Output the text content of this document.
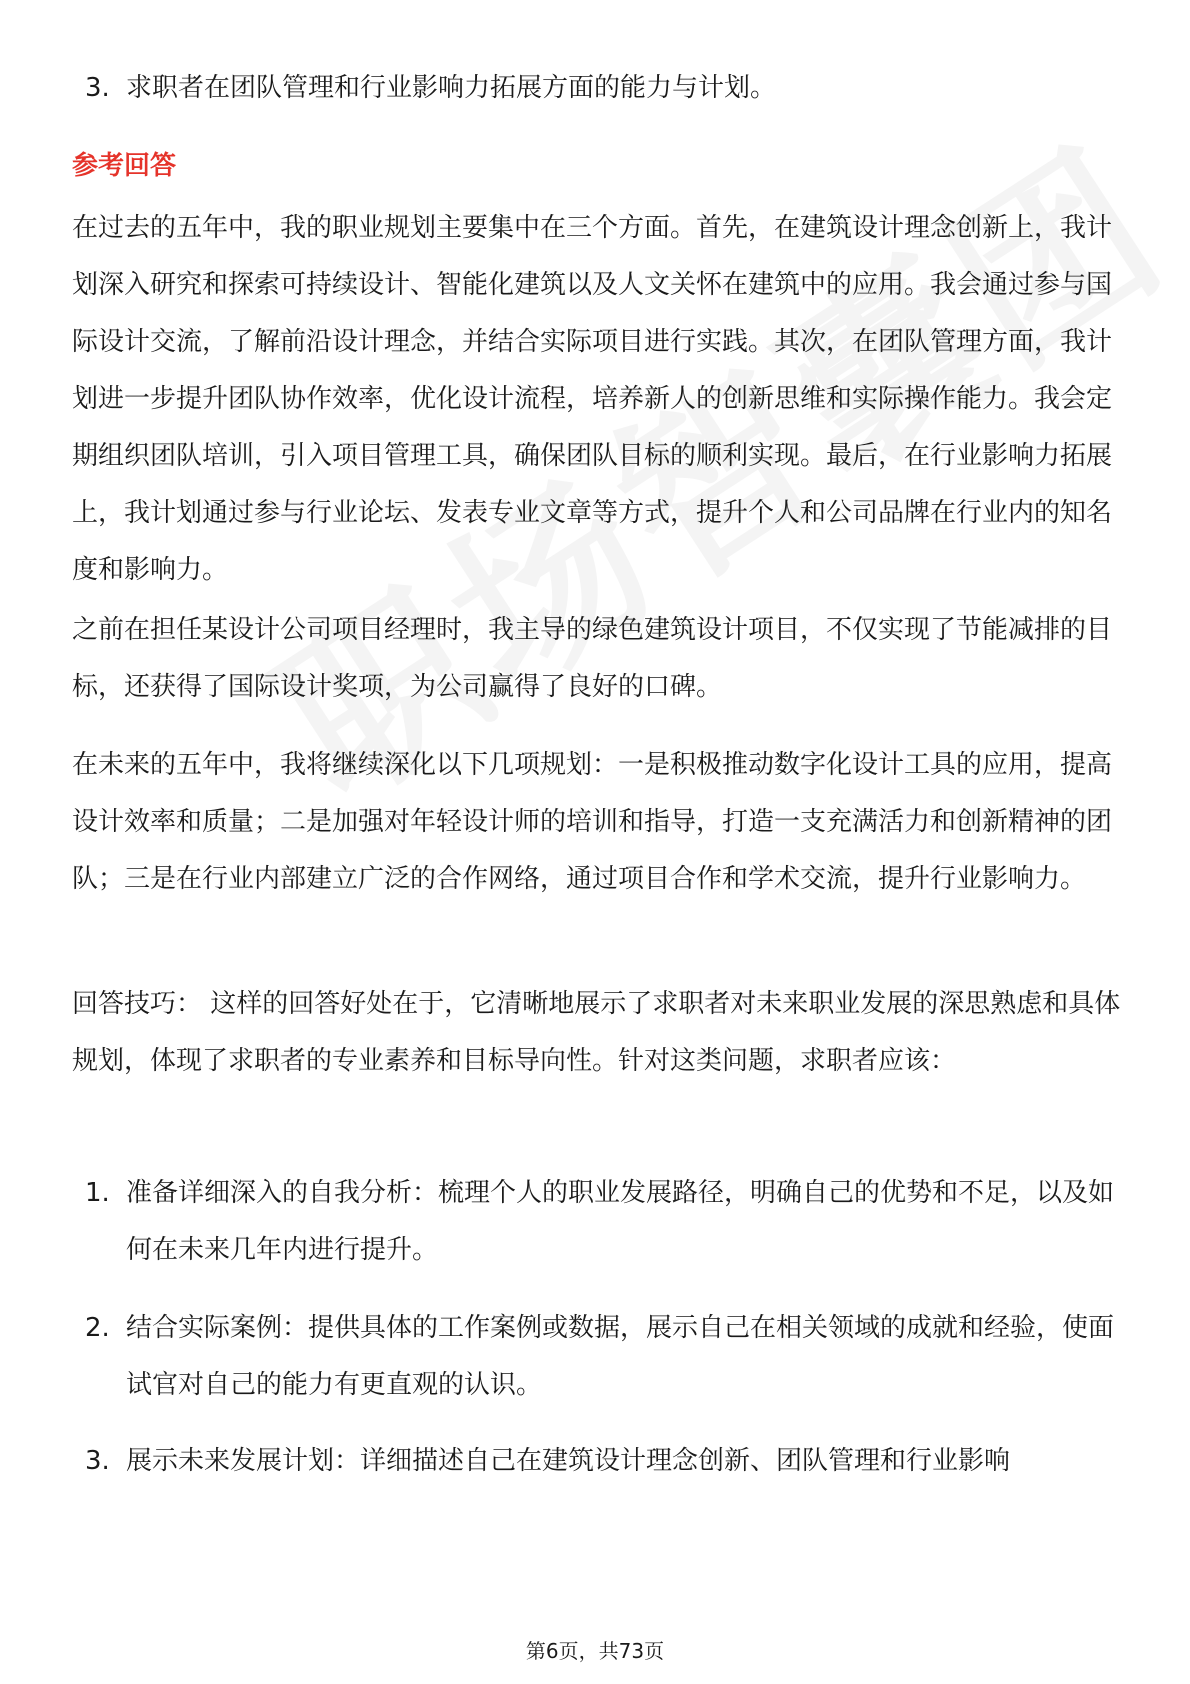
3. 求职者在团队管理和行业影响力拓展方面的能力与计划。
参考回答
在过去的五年中，我的职业规划主要集中在三个方面。首先，在建筑设计理念创新上，我计划深入研究和探索可持续设计、智能化建筑以及人文关怀在建筑中的应用。我会通过参与国际设计交流，了解前沿设计理念，并结合实际项目进行实践。其次，在团队管理方面，我计划进一步提升团队协作效率，优化设计流程，培养新人的创新思维和实际操作能力。我会定期组织团队培训，引入项目管理工具，确保团队目标的顺利实现。最后，在行业影响力拓展上，我计划通过参与行业论坛、发表专业文章等方式，提升个人和公司品牌在行业内的知名度和影响力。
之前在担任某设计公司项目经理时，我主导的绿色建筑设计项目，不仅实现了节能减排的目标，还获得了国际设计奖项，为公司赢得了良好的口碑。
在未来的五年中，我将继续深化以下几项规划：一是积极推动数字化设计工具的应用，提高设计效率和质量；二是加强对年轻设计师的培训和指导，打造一支充满活力和创新精神的团队；三是在行业内部建立广泛的合作网络，通过项目合作和学术交流，提升行业影响力。
回答技巧： 这样的回答好处在于，它清晰地展示了求职者对未来职业发展的深思熟虑和具体规划，体现了求职者的专业素养和目标导向性。针对这类问题，求职者应该：
1. 准备详细深入的自我分析：梳理个人的职业发展路径，明确自己的优势和不足，以及如何在未来几年内进行提升。
2. 结合实际案例：提供具体的工作案例或数据，展示自己在相关领域的成就和经验，使面试官对自己的能力有更直观的认识。
3. 展示未来发展计划：详细描述自己在建筑设计理念创新、团队管理和行业影响
第6页，共73页
